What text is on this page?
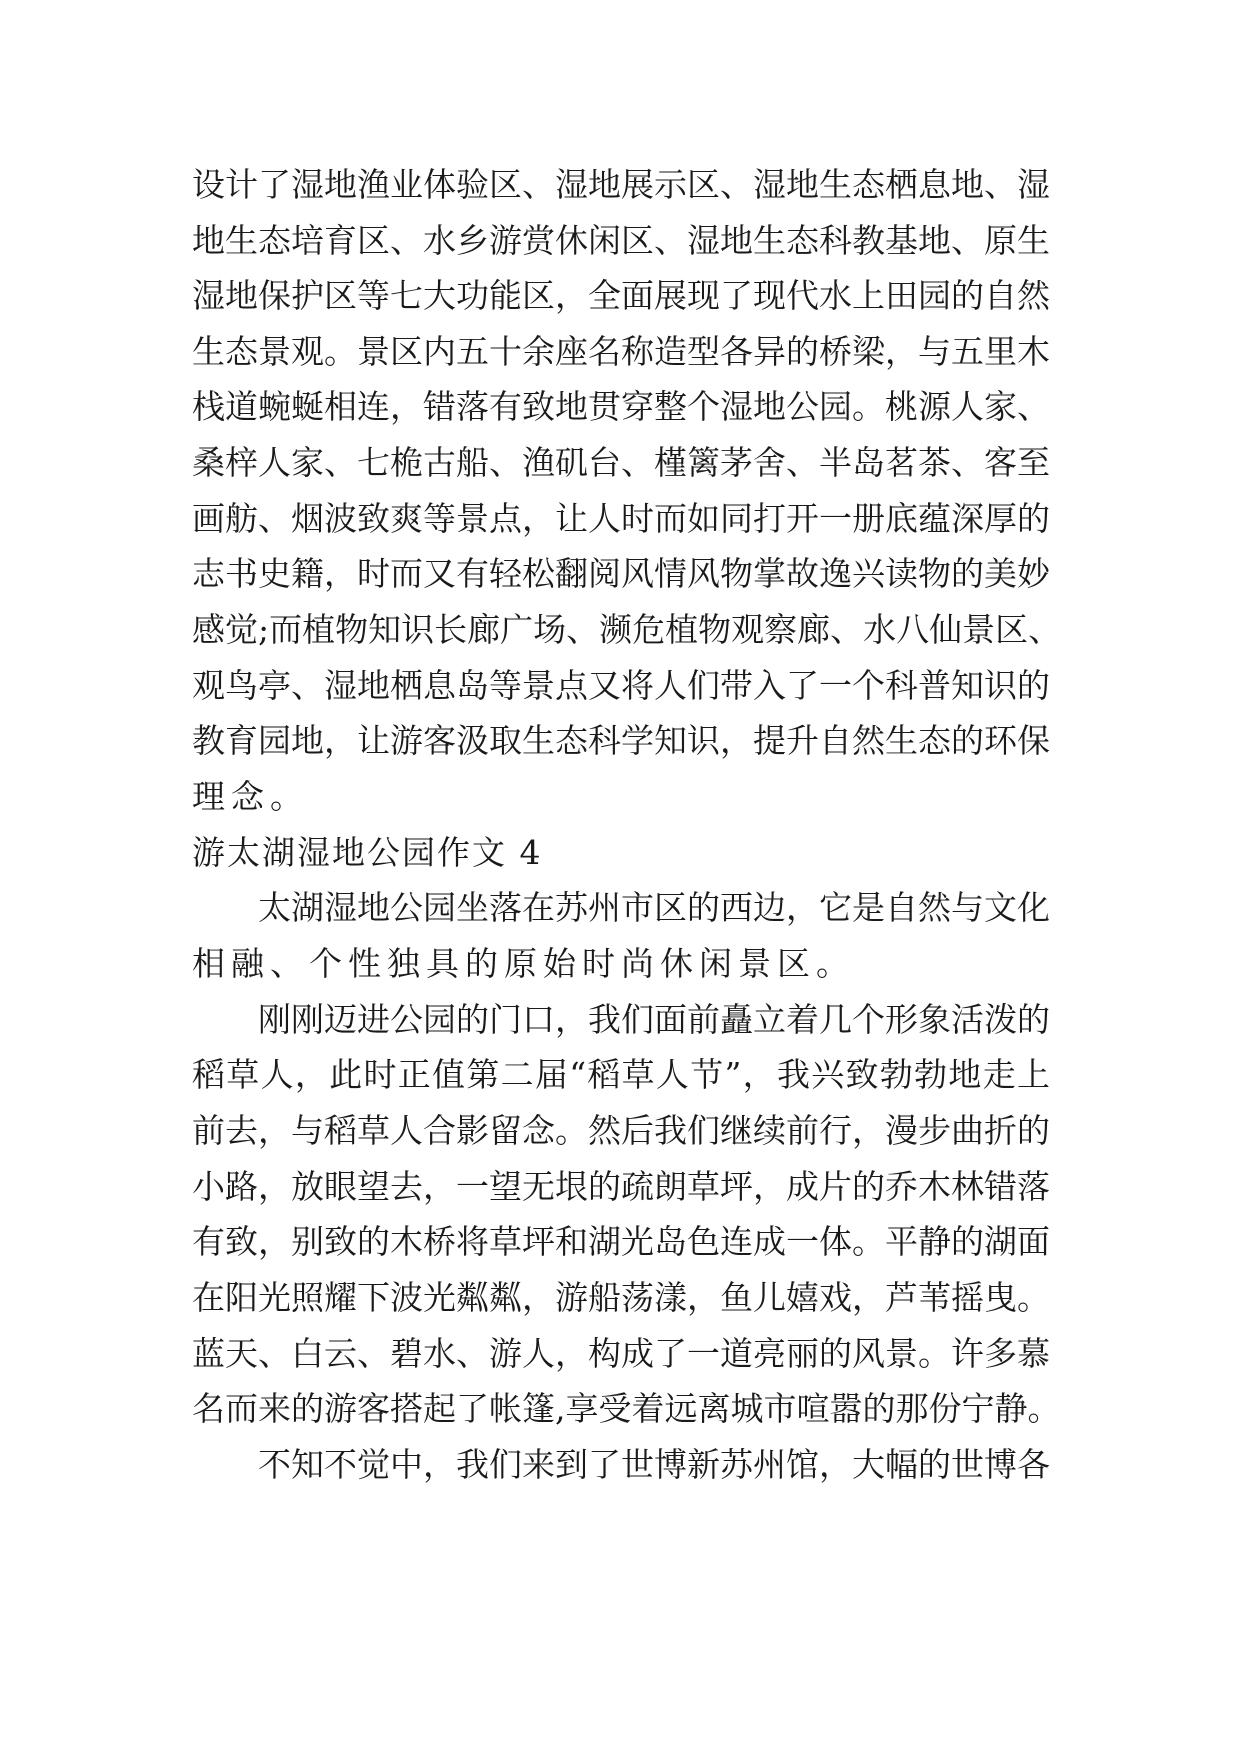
设计了湿地渔业体验区、湿地展示区、湿地生态栖息地、湿
地生态培育区、水乡游赏休闲区、湿地生态科教基地、原生
湿地保护区等七大功能区，全面展现了现代水上田园的自然
生态景观。景区内五十余座名称造型各异的桥梁，与五里木
栈道蜿蜒相连，错落有致地贯穿整个湿地公园。桃源人家、
桑梓人家、七桅古船、渔矶台、槿篱茅舍、半岛茗茶、客至
画舫、烟波致爽等景点，让人时而如同打开一册底蕴深厚的
志书史籍，时而又有轻松翻阅风情风物掌故逸兴读物的美妙
感觉;而植物知识长廊广场、濒危植物观察廊、水八仙景区、
观鸟亭、湿地栖息岛等景点又将人们带入了一个科普知识的
教育园地，让游客汲取生态科学知识，提升自然生态的环保
理念。
游太湖湿地公园作文 4
太湖湿地公园坐落在苏州市区的西边，它是自然与文化
相融、个性独具的原始时尚休闲景区。
刚刚迈进公园的门口，我们面前矗立着几个形象活泼的
稻草人，此时正值第二届“稻草人节”，我兴致勃勃地走上
前去，与稻草人合影留念。然后我们继续前行，漫步曲折的
小路，放眼望去，一望无垠的疏朗草坪，成片的乔木林错落
有致，别致的木桥将草坪和湖光岛色连成一体。平静的湖面
在阳光照耀下波光粼粼，游船荡漾，鱼儿嬉戏，芦苇摇曳。
蓝天、白云、碧水、游人，构成了一道亮丽的风景。许多慕
名而来的游客搭起了帐篷,享受着远离城市喧嚣的那份宁静。
不知不觉中，我们来到了世博新苏州馆，大幅的世博各
